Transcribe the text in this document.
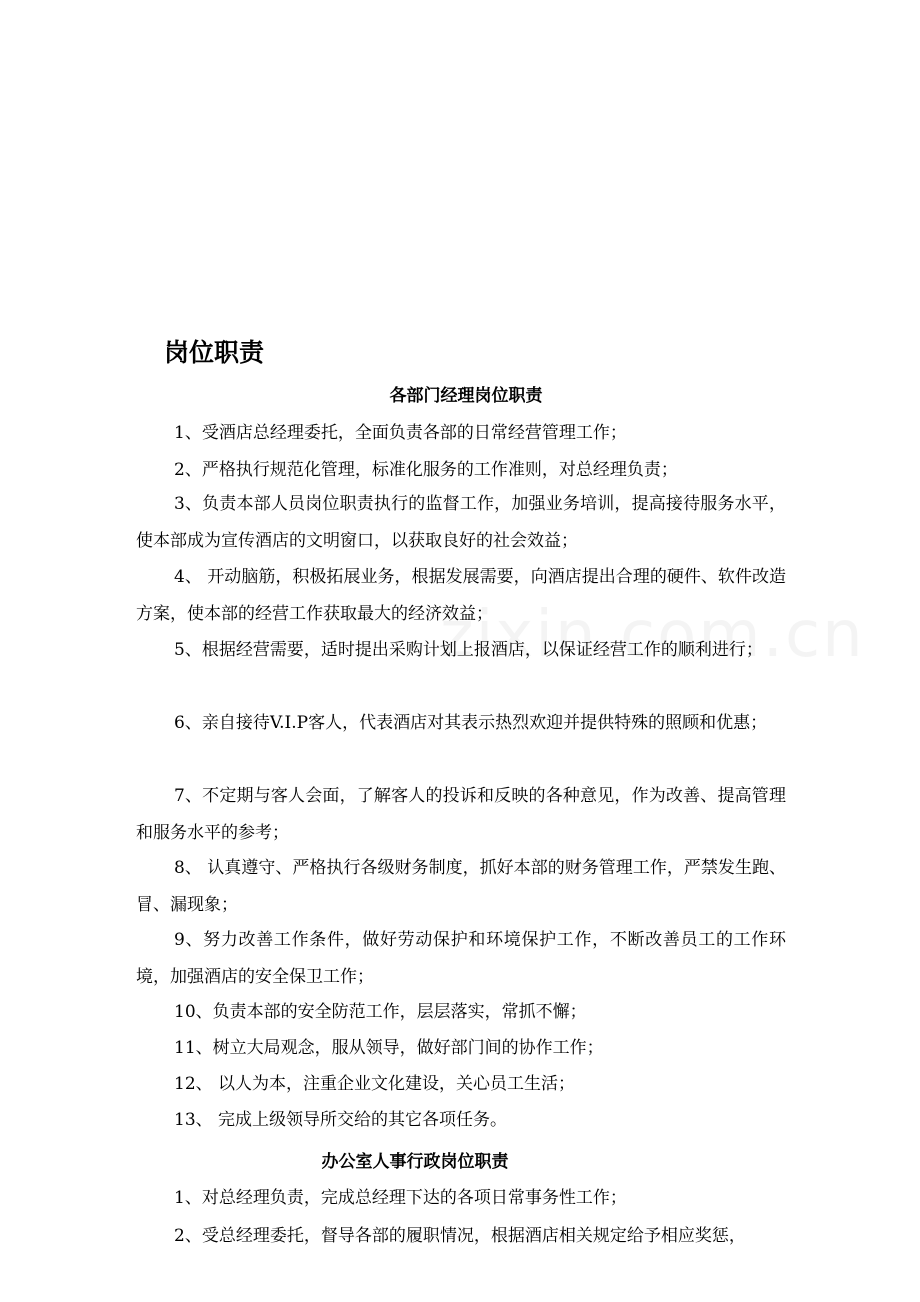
岗位职责
各部门经理岗位职责

1、受酒店总经理委托，全面负责各部的日常经营管理工作；

2、严格执行规范化管理，标准化服务的工作准则，对总经理负责；

3、负责本部人员岗位职责执行的监督工作，加强业务培训，提高接待服务水平，使本部成为宣传酒店的文明窗口，以获取良好的社会效益；

4、 开动脑筋，积极拓展业务，根据发展需要，向酒店提出合理的硬件、软件改造方案，使本部的经营工作获取最大的经济效益；

5、根据经营需要，适时提出采购计划上报酒店，以保证经营工作的顺利进行；

6、亲自接待V.I.P客人，代表酒店对其表示热烈欢迎并提供特殊的照顾和优惠；

7、不定期与客人会面，了解客人的投诉和反映的各种意见，作为改善、提高管理和服务水平的参考；

8、 认真遵守、严格执行各级财务制度，抓好本部的财务管理工作，严禁发生跑、冒、漏现象；

9、努力改善工作条件，做好劳动保护和环境保护工作，不断改善员工的工作环境，加强酒店的安全保卫工作；

10、负责本部的安全防范工作，层层落实，常抓不懈；

11、树立大局观念，服从领导，做好部门间的协作工作；

12、 以人为本，注重企业文化建设，关心员工生活；

13、 完成上级领导所交给的其它各项任务。

办公室人事行政岗位职责

1、对总经理负责，完成总经理下达的各项日常事务性工作；

2、受总经理委托，督导各部的履职情况，根据酒店相关规定给予相应奖惩，
